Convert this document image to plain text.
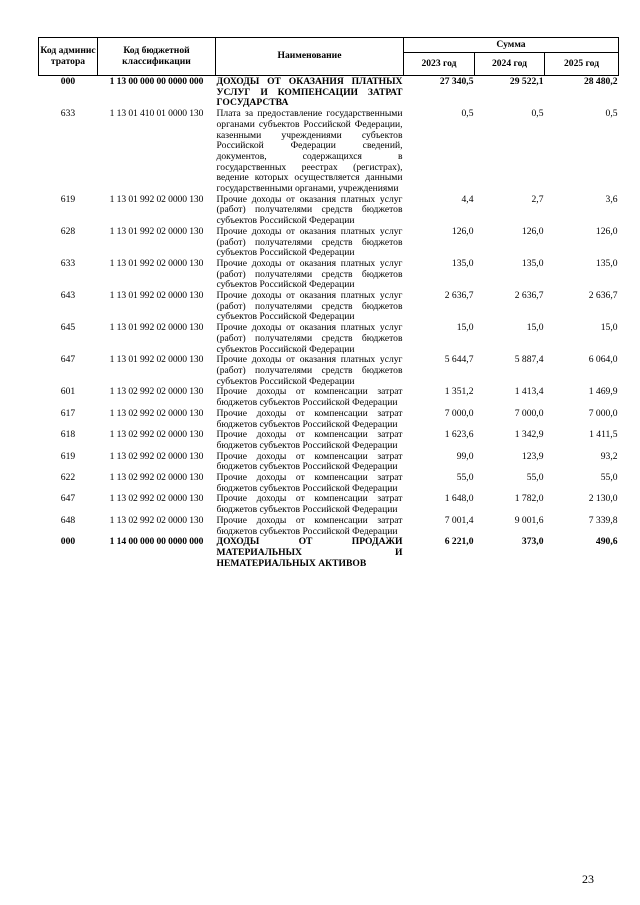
Код админис тратора	Код бюджетной классификации	Наименование	Сумма		
			2023 год	2024 год	2025 год
000	1 13 00 000 00 0000 000	ДОХОДЫ ОТ ОКАЗАНИЯ ПЛАТНЫХ УСЛУГ И КОМПЕНСАЦИИ ЗАТРАТ ГОСУДАРСТВА	27 340,5	29 522,1	28 480,2
633	1 13 01 410 01 0000 130	Плата за предоставление государственными органами субъектов Российской Федерации, казенными учреждениями субъектов Российской Федерации сведений, документов, содержащихся в государственных реестрах (регистрах), ведение которых осуществляется данными государственными органами, учреждениями	0,5	0,5	0,5
619	1 13 01 992 02 0000 130	Прочие доходы от оказания платных услуг (работ) получателями средств бюджетов субъектов Российской Федерации	4,4	2,7	3,6
628	1 13 01 992 02 0000 130	Прочие доходы от оказания платных услуг (работ) получателями средств бюджетов субъектов Российской Федерации	126,0	126,0	126,0
633	1 13 01 992 02 0000 130	Прочие доходы от оказания платных услуг (работ) получателями средств бюджетов субъектов Российской Федерации	135,0	135,0	135,0
643	1 13 01 992 02 0000 130	Прочие доходы от оказания платных услуг (работ) получателями средств бюджетов субъектов Российской Федерации	2 636,7	2 636,7	2 636,7
645	1 13 01 992 02 0000 130	Прочие доходы от оказания платных услуг (работ) получателями средств бюджетов субъектов Российской Федерации	15,0	15,0	15,0
647	1 13 01 992 02 0000 130	Прочие доходы от оказания платных услуг (работ) получателями средств бюджетов субъектов Российской Федерации	5 644,7	5 887,4	6 064,0
601	1 13 02 992 02 0000 130	Прочие доходы от компенсации затрат бюджетов субъектов Российской Федерации	1 351,2	1 413,4	1 469,9
617	1 13 02 992 02 0000 130	Прочие доходы от компенсации затрат бюджетов субъектов Российской Федерации	7 000,0	7 000,0	7 000,0
618	1 13 02 992 02 0000 130	Прочие доходы от компенсации затрат бюджетов субъектов Российской Федерации	1 623,6	1 342,9	1 411,5
619	1 13 02 992 02 0000 130	Прочие доходы от компенсации затрат бюджетов субъектов Российской Федерации	99,0	123,9	93,2
622	1 13 02 992 02 0000 130	Прочие доходы от компенсации затрат бюджетов субъектов Российской Федерации	55,0	55,0	55,0
647	1 13 02 992 02 0000 130	Прочие доходы от компенсации затрат бюджетов субъектов Российской Федерации	1 648,0	1 782,0	2 130,0
648	1 13 02 992 02 0000 130	Прочие доходы от компенсации затрат бюджетов субъектов Российской Федерации	7 001,4	9 001,6	7 339,8
000	1 14 00 000 00 0000 000	ДОХОДЫ ОТ ПРОДАЖИ МАТЕРИАЛЬНЫХ И НЕМАТЕРИАЛЬНЫХ АКТИВОВ	6 221,0	373,0	490,6
23
